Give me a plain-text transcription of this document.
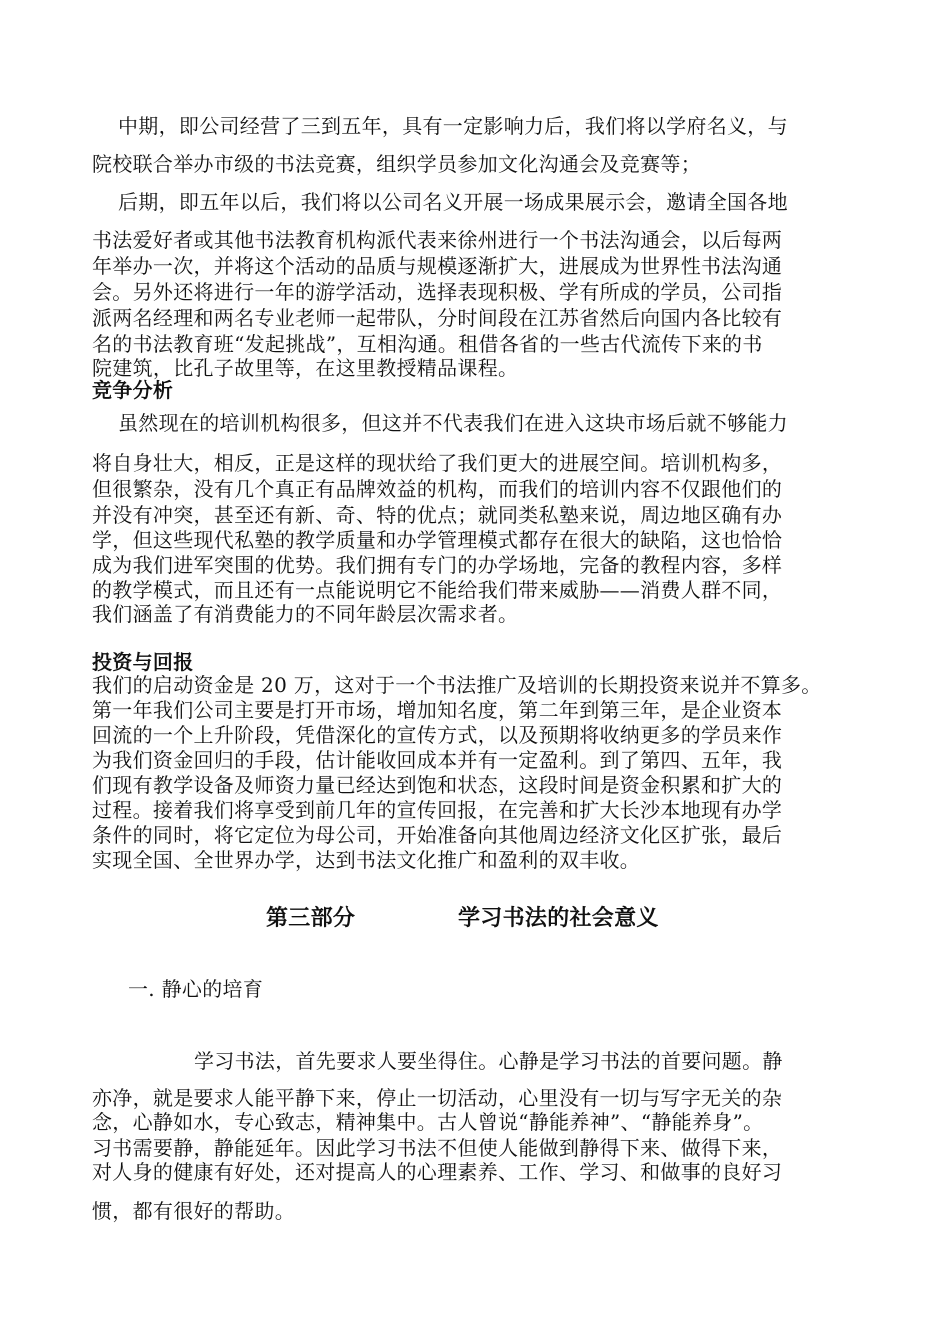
中期，即公司经营了三到五年，具有一定影响力后，我们将以学府名义，与
院校联合举办市级的书法竞赛，组织学员参加文化沟通会及竞赛等；
后期，即五年以后，我们将以公司名义开展一场成果展示会，邀请全国各地
书法爱好者或其他书法教育机构派代表来徐州进行一个书法沟通会，以后每两
年举办一次，并将这个活动的品质与规模逐渐扩大，进展成为世界性书法沟通
会。另外还将进行一年的游学活动，选择表现积极、学有所成的学员，公司指
派两名经理和两名专业老师一起带队，分时间段在江苏省然后向国内各比较有
名的书法教育班“发起挑战”，互相沟通。租借各省的一些古代流传下来的书
院建筑，比孔子故里等，在这里教授精品课程。
竞争分析
虽然现在的培训机构很多，但这并不代表我们在进入这块市场后就不够能力
将自身壮大，相反，正是这样的现状给了我们更大的进展空间。培训机构多，
但很繁杂，没有几个真正有品牌效益的机构，而我们的培训内容不仅跟他们的
并没有冲突，甚至还有新、奇、特的优点；就同类私塾来说，周边地区确有办
学，但这些现代私塾的教学质量和办学管理模式都存在很大的缺陷，这也恰恰
成为我们进军突围的优势。我们拥有专门的办学场地，完备的教程内容，多样
的教学模式，而且还有一点能说明它不能给我们带来威胁——消费人群不同，
我们涵盖了有消费能力的不同年龄层次需求者。
投资与回报
我们的启动资金是 20 万，这对于一个书法推广及培训的长期投资来说并不算多。
第一年我们公司主要是打开市场，增加知名度，第二年到第三年，是企业资本
回流的一个上升阶段，凭借深化的宣传方式，以及预期将收纳更多的学员来作
为我们资金回归的手段，估计能收回成本并有一定盈利。到了第四、五年，我
们现有教学设备及师资力量已经达到饱和状态，这段时间是资金积累和扩大的
过程。接着我们将享受到前几年的宣传回报，在完善和扩大长沙本地现有办学
条件的同时，将它定位为母公司，开始准备向其他周边经济文化区扩张，最后
实现全国、全世界办学，达到书法文化推广和盈利的双丰收。
第三部分	学习书法的社会意义
一. 静心的培育
学习书法，首先要求人要坐得住。心静是学习书法的首要问题。静
亦净，就是要求人能平静下来，停止一切活动，心里没有一切与写字无关的杂
念，心静如水，专心致志，精神集中。古人曾说“静能养神”、“静能养身”。
习书需要静，静能延年。因此学习书法不但使人能做到静得下来、做得下来，
对人身的健康有好处，还对提高人的心理素养、工作、学习、和做事的良好习
惯，都有很好的帮助。
